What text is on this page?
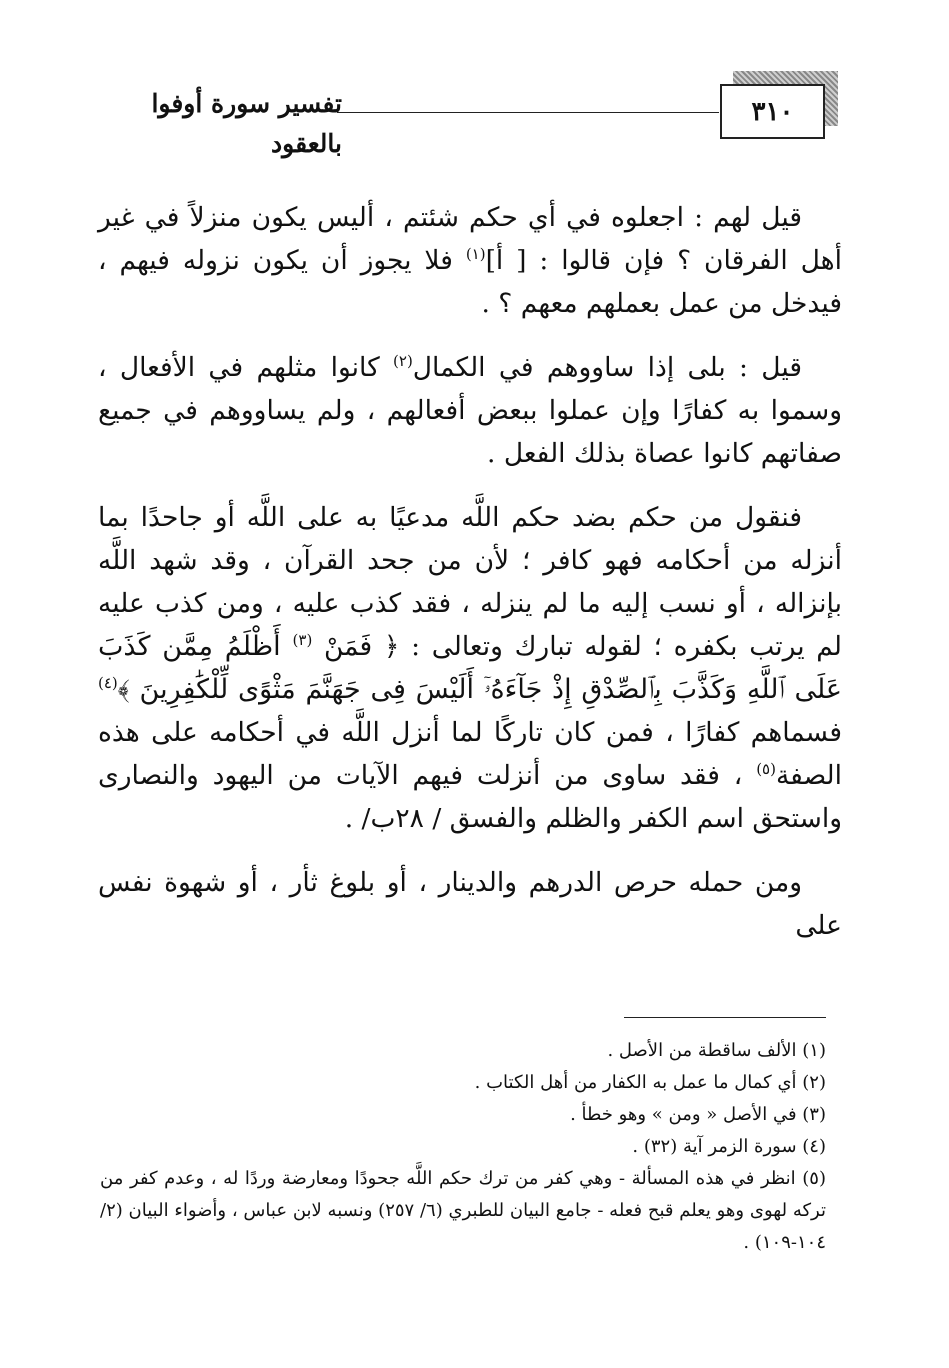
٣١٠
تفسير سورة أوفوا بالعقود

قيل لهم : اجعلوه في أي حكم شئتم ، أليس يكون منزلاً في غير أهل الفرقان ؟ فإن قالوا : [ أ]$^{(١)}$ فلا يجوز أن يكون نزوله فيهم ، فيدخل من عمل بعملهم معهم ؟ .

قيل : بلى إذا ساووهم في الكمال$^{(٢)}$ كانوا مثلهم في الأفعال ، وسموا به كفارًا وإن عملوا ببعض أفعالهم ، ولم يساووهم في جميع صفاتهم كانوا عصاة بذلك الفعل .

فنقول من حكم بضد حكم اللَّه مدعيًا به على اللَّه أو جاحدًا بما أنزله من أحكامه فهو كافر ؛ لأن من جحد القرآن ، وقد شهد اللَّه بإنزاله ، أو نسب إليه ما لم ينزله ، فقد كذب عليه ، ومن كذب عليه لم يرتب بكفره ؛ لقوله تبارك وتعالى : ﴿ فَمَنْ $^{(٣)}$ أَظْلَمُ مِمَّن كَذَبَ عَلَى ٱللَّهِ وَكَذَّبَ بِٱلصِّدْقِ إِذْ جَآءَهُۥٓ أَلَيْسَ فِى جَهَنَّمَ مَثْوًى لِّلْكَٰفِرِينَ ﴾$^{(٤)}$ فسماهم كفارًا ، فمن كان تاركًا لما أنزل اللَّه في أحكامه على هذه الصفة$^{(٥)}$ ، فقد ساوى من أنزلت فيهم الآيات من اليهود والنصارى واستحق اسم الكفر والظلم والفسق / ٢٨ب/ .

ومن حمله حرص الدرهم والدينار ، أو بلوغ ثأر ، أو شهوة نفس على

(١) الألف ساقطة من الأصل .

(٢) أي كمال ما عمل به الكفار من أهل الكتاب .

(٣) في الأصل « ومن » وهو خطأ .

(٤) سورة الزمر آية (٣٢) .

(٥) انظر في هذه المسألة - وهي كفر من ترك حكم اللَّه جحودًا ومعارضة وردًا له ، وعدم كفر من تركه لهوى وهو يعلم قبح فعله - جامع البيان للطبري (٦/ ٢٥٧) ونسبه لابن عباس ، وأضواء البيان (٢/ ١٠٤-١٠٩) .
